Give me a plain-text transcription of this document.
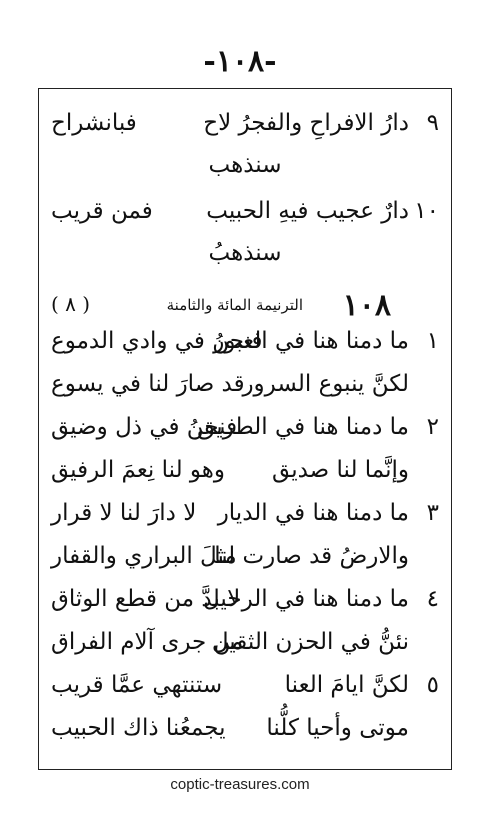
-١٠٨-
٩
دارُ الافراحِ والفجرُ لاح
فبانشراح
سنذهب
١٠
دارٌ عجيب فيهِ الحبيب
فمن قريب
سنذهبُ
١٠٨
الترنيمة المائة والثامنة
( ٨ )
١
ما دمنا هنا في العبور
فنحنُ في وادي الدموع
لكنَّ ينبوع السرور
قد صارَ لنا في يسوع
٢
ما دمنا هنا في الطريق
فنحنُ في ذل وضيق
وإنَّما لنا صديق
وهو لنا نِعمَ الرفيق
٣
ما دمنا هنا في الديار
لا دارَ لنا لا قرار
والارضُ قد صارت لنا
مثلَ البراري والقفار
٤
ما دمنا هنا في الرحيل
لا بدَّ من قطع الوثاق
نئنُّ في الحزن الثقيل
من جرى آلام الفراق
٥
لكنَّ ايامَ العنا
ستنتهي عمَّا قريب
موتى وأحيا كلُّنا
يجمعُنا ذاك الحبيب
coptic-treasures.com
